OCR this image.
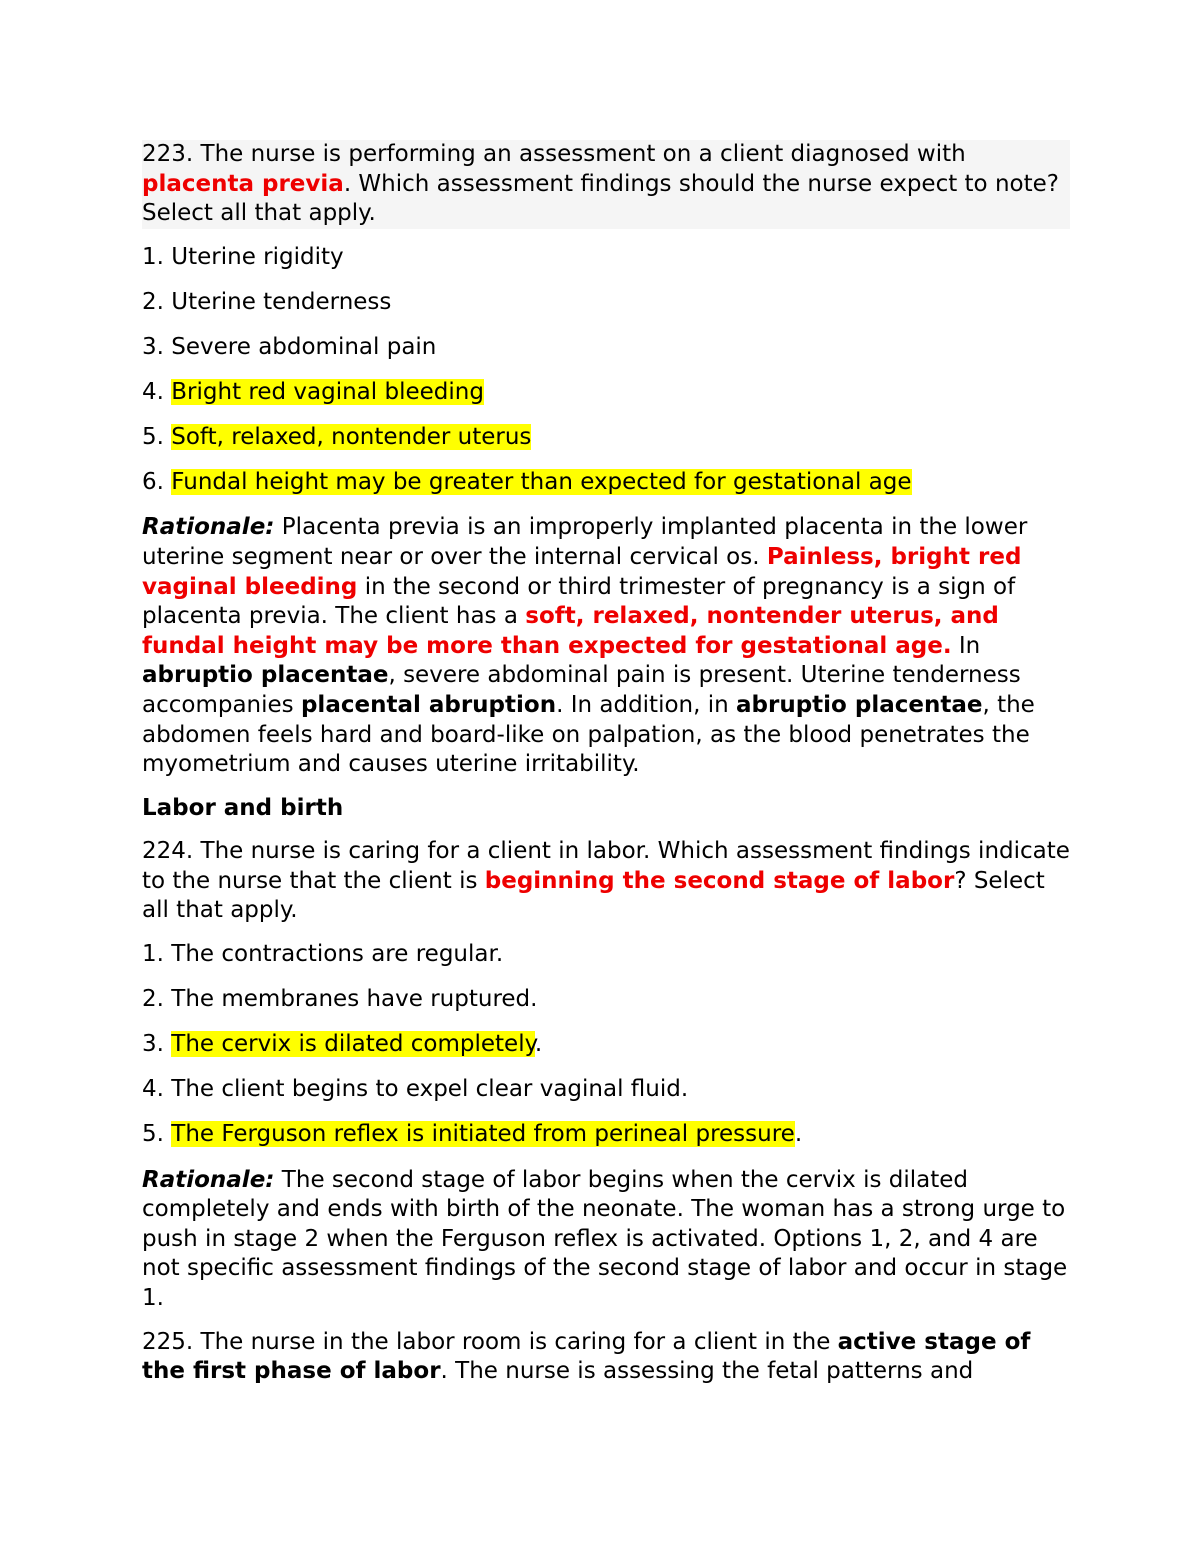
223. The nurse is performing an assessment on a client diagnosed with placenta previa. Which assessment findings should the nurse expect to note? Select all that apply.

1. Uterine rigidity

2. Uterine tenderness

3. Severe abdominal pain

4. Bright red vaginal bleeding

5. Soft, relaxed, nontender uterus

6. Fundal height may be greater than expected for gestational age

Rationale: Placenta previa is an improperly implanted placenta in the lower uterine segment near or over the internal cervical os. Painless, bright red vaginal bleeding in the second or third trimester of pregnancy is a sign of placenta previa. The client has a soft, relaxed, nontender uterus, and fundal height may be more than expected for gestational age. In abruptio placentae, severe abdominal pain is present. Uterine tenderness accompanies placental abruption. In addition, in abruptio placentae, the abdomen feels hard and board-like on palpation, as the blood penetrates the myometrium and causes uterine irritability.

Labor and birth

224. The nurse is caring for a client in labor. Which assessment findings indicate to the nurse that the client is beginning the second stage of labor? Select all that apply.

1. The contractions are regular.

2. The membranes have ruptured.

3. The cervix is dilated completely.

4. The client begins to expel clear vaginal fluid.

5. The Ferguson reflex is initiated from perineal pressure.

Rationale: The second stage of labor begins when the cervix is dilated completely and ends with birth of the neonate. The woman has a strong urge to push in stage 2 when the Ferguson reflex is activated. Options 1, 2, and 4 are not specific assessment findings of the second stage of labor and occur in stage 1.

225. The nurse in the labor room is caring for a client in the active stage of the first phase of labor. The nurse is assessing the fetal patterns and
